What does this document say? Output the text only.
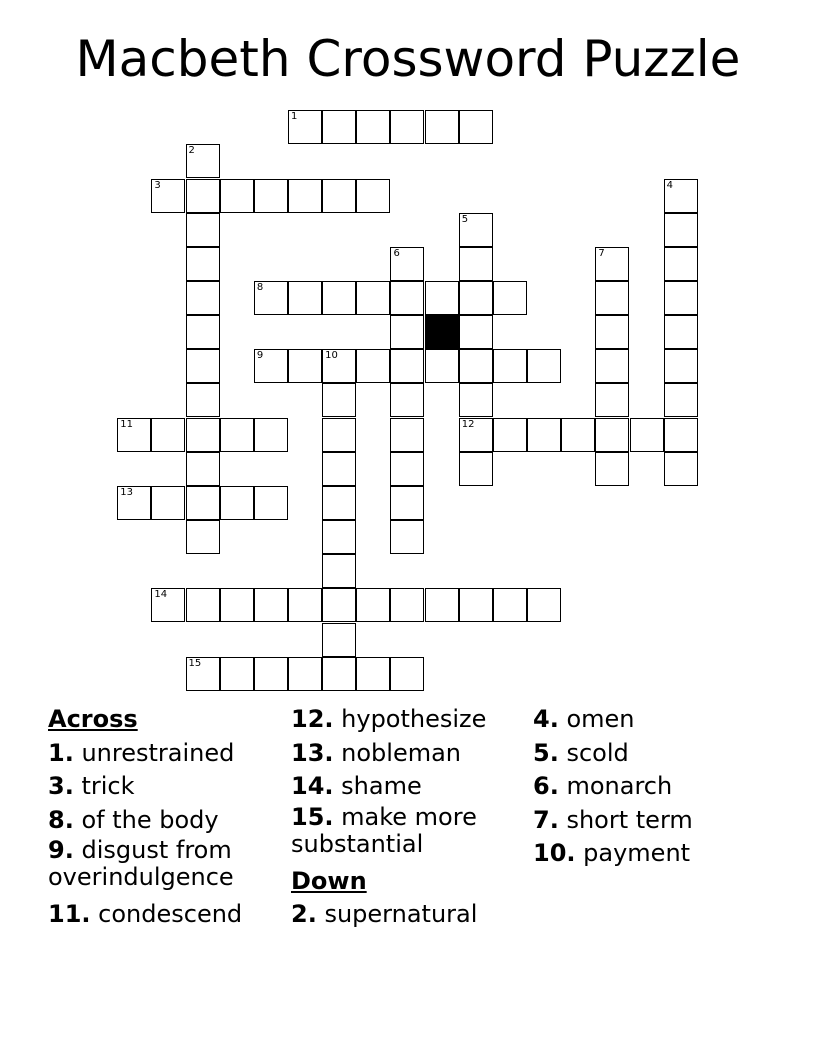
Macbeth Crossword Puzzle
1
2
3	4
5
12
6	7
8
9	10
11
13
14
15
Across
1. unrestrained
3. trick
8. of the body
9. disgust from overindulgence
11. condescend
12. hypothesize
13. nobleman
14. shame
15. make more substantial
Down
2. supernatural
4. omen
5. scold
6. monarch
7. short term
10. payment
